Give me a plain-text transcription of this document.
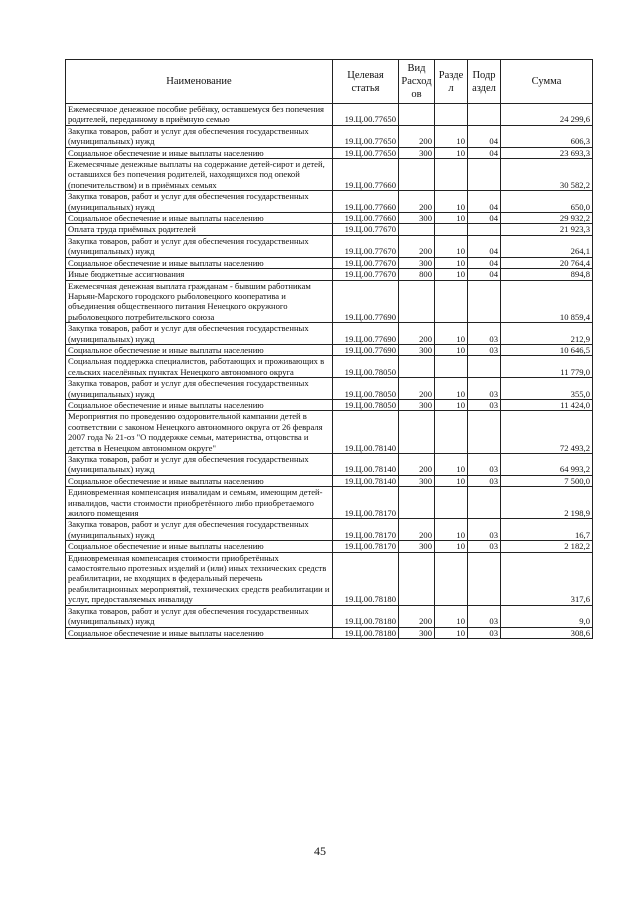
Наименование	Целевая статья	Вид Расход ов	Разде л	Подр аздел	Сумма
Ежемесячное денежное пособие ребёнку, оставшемуся без попечения родителей, переданному в приёмную семью	19.Ц.00.77650				24 299,6
Закупка товаров, работ и услуг для обеспечения государственных (муниципальных) нужд	19.Ц.00.77650	200	10	04	606,3
Социальное обеспечение и иные выплаты населению	19.Ц.00.77650	300	10	04	23 693,3
Ежемесячные денежные выплаты на содержание детей-сирот и детей, оставшихся без попечения родителей, находящихся под опекой (попечительством) и в приёмных семьях	19.Ц.00.77660				30 582,2
Закупка товаров, работ и услуг для обеспечения государственных (муниципальных) нужд	19.Ц.00.77660	200	10	04	650,0
Социальное обеспечение и иные выплаты населению	19.Ц.00.77660	300	10	04	29 932,2
Оплата труда приёмных родителей	19.Ц.00.77670				21 923,3
Закупка товаров, работ и услуг для обеспечения государственных (муниципальных) нужд	19.Ц.00.77670	200	10	04	264,1
Социальное обеспечение и иные выплаты населению	19.Ц.00.77670	300	10	04	20 764,4
Иные бюджетные ассигнования	19.Ц.00.77670	800	10	04	894,8
Ежемесячная денежная выплата гражданам - бывшим работникам Нарьян-Марского городского рыболовецкого кооператива и объединения общественного питания Ненецкого окружного рыболовецкого потребительского союза	19.Ц.00.77690				10 859,4
Закупка товаров, работ и услуг для обеспечения государственных (муниципальных) нужд	19.Ц.00.77690	200	10	03	212,9
Социальное обеспечение и иные выплаты населению	19.Ц.00.77690	300	10	03	10 646,5
Социальная поддержка специалистов, работающих и проживающих в сельских населённых пунктах Ненецкого автономного округа	19.Ц.00.78050				11 779,0
Закупка товаров, работ и услуг для обеспечения государственных (муниципальных) нужд	19.Ц.00.78050	200	10	03	355,0
Социальное обеспечение и иные выплаты населению	19.Ц.00.78050	300	10	03	11 424,0
Мероприятия по проведению оздоровительной кампании детей в соответствии с законом Ненецкого автономного округа от 26 февраля 2007 года № 21-оз "О поддержке семьи, материнства, отцовства и детства в Ненецком автономном округе"	19.Ц.00.78140				72 493,2
Закупка товаров, работ и услуг для обеспечения государственных (муниципальных) нужд	19.Ц.00.78140	200	10	03	64 993,2
Социальное обеспечение и иные выплаты населению	19.Ц.00.78140	300	10	03	7 500,0
Единовременная компенсация инвалидам и семьям, имеющим детей-инвалидов, части стоимости приобретённого либо приобретаемого жилого помещения	19.Ц.00.78170				2 198,9
Закупка товаров, работ и услуг для обеспечения государственных (муниципальных) нужд	19.Ц.00.78170	200	10	03	16,7
Социальное обеспечение и иные выплаты населению	19.Ц.00.78170	300	10	03	2 182,2
Единовременная компенсация стоимости приобретённых самостоятельно протезных изделий и (или) иных технических средств реабилитации, не входящих в федеральный перечень реабилитационных мероприятий, технических средств реабилитации и услуг, предоставляемых инвалиду	19.Ц.00.78180				317,6
Закупка товаров, работ и услуг для обеспечения государственных (муниципальных) нужд	19.Ц.00.78180	200	10	03	9,0
Социальное обеспечение и иные выплаты населению	19.Ц.00.78180	300	10	03	308,6
45
